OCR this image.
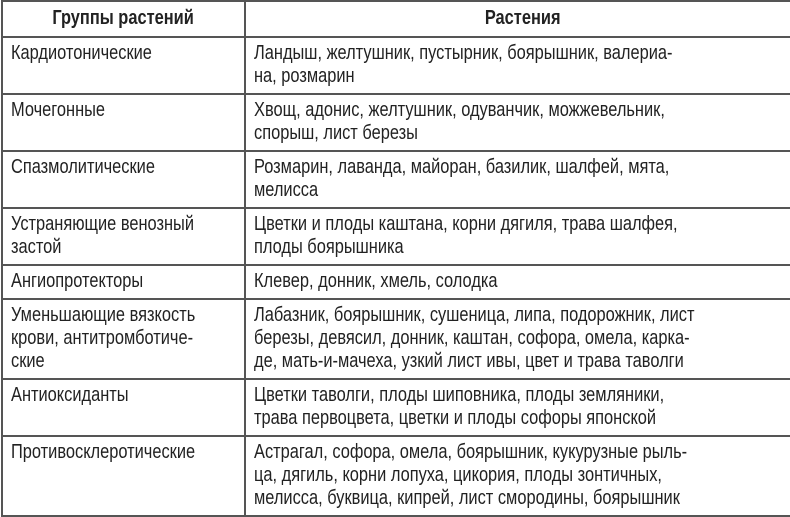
Группы растений	Растения

Кардиотонические	Ландыш, желтушник, пустырник, боярышник, валериа-
на, розмарин

Мочегонные	Хвощ, адонис, желтушник, одуванчик, можжевельник,
спорыш, лист березы

Спазмолитические	Розмарин, лаванда, майоран, базилик, шалфей, мята,
мелисса

Устраняющие венозный
застой	Цветки и плоды каштана, корни дягиля, трава шалфея,
плоды боярышника

Ангиопротекторы	Клевер, донник, хмель, солодка

Уменьшающие вязкость
крови, антитромботиче-
ские	Лабазник, боярышник, сушеница, липа, подорожник, лист
березы, девясил, донник, каштан, софора, омела, карка-
де, мать-и-мачеха, узкий лист ивы, цвет и трава таволги

Антиоксиданты	Цветки таволги, плоды шиповника, плоды земляники,
трава первоцвета, цветки и плоды софоры японской

Противосклеротические	Астрагал, софора, омела, боярышник, кукурузные рыль-
ца, дягиль, корни лопуха, цикория, плоды зонтичных,
мелисса, буквица, кипрей, лист смородины, боярышник
